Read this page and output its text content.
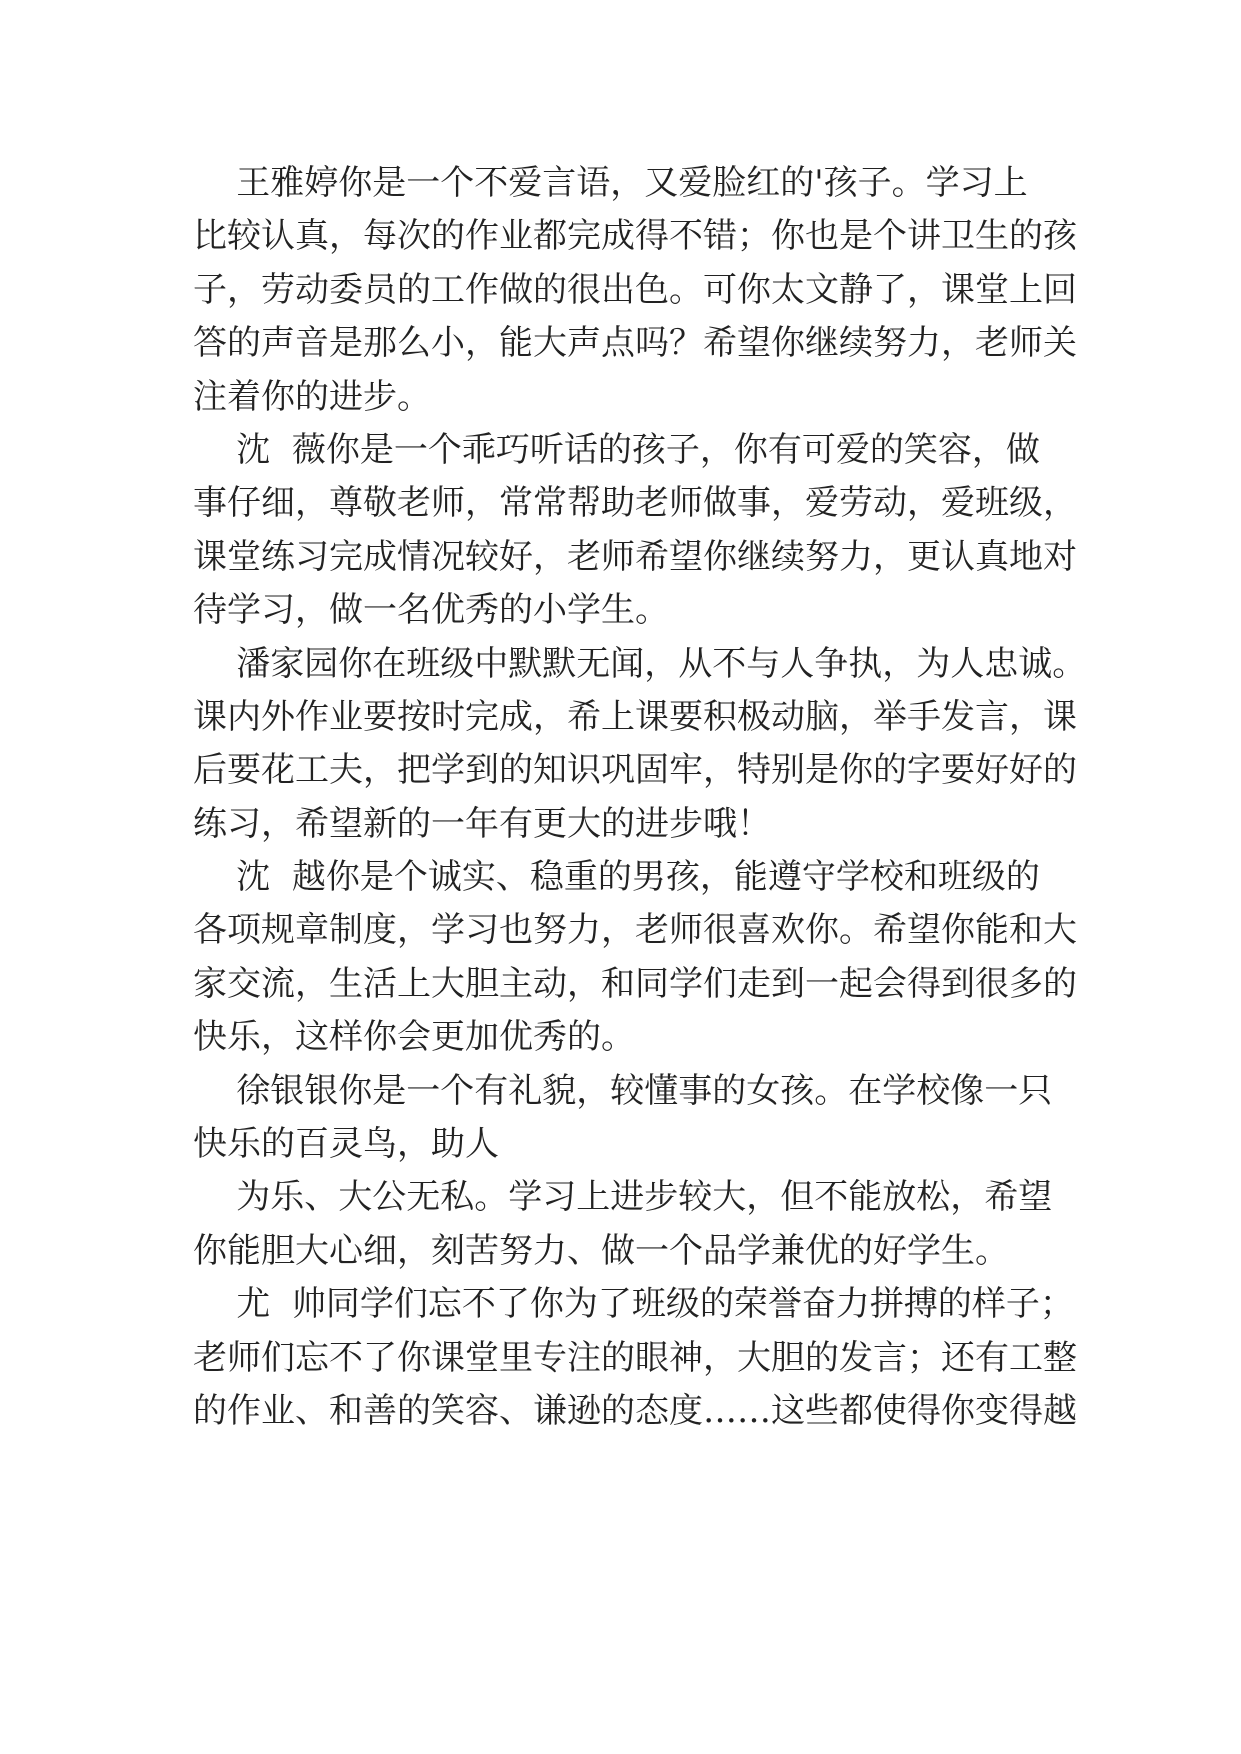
王雅婷你是一个不爱言语，又爱脸红的'孩子。学习上
比较认真，每次的作业都完成得不错；你也是个讲卫生的孩
子，劳动委员的工作做的很出色。可你太文静了，课堂上回
答的声音是那么小，能大声点吗？希望你继续努力，老师关
注着你的进步。
沈  薇你是一个乖巧听话的孩子，你有可爱的笑容，做
事仔细，尊敬老师，常常帮助老师做事，爱劳动，爱班级，
课堂练习完成情况较好，老师希望你继续努力，更认真地对
待学习，做一名优秀的小学生。
潘家园你在班级中默默无闻，从不与人争执，为人忠诚。
课内外作业要按时完成，希上课要积极动脑，举手发言，课
后要花工夫，把学到的知识巩固牢，特别是你的字要好好的
练习，希望新的一年有更大的进步哦！
沈  越你是个诚实、稳重的男孩，能遵守学校和班级的
各项规章制度，学习也努力，老师很喜欢你。希望你能和大
家交流，生活上大胆主动，和同学们走到一起会得到很多的
快乐，这样你会更加优秀的。
徐银银你是一个有礼貌，较懂事的女孩。在学校像一只
快乐的百灵鸟，助人
为乐、大公无私。学习上进步较大，但不能放松，希望
你能胆大心细，刻苦努力、做一个品学兼优的好学生。
尤  帅同学们忘不了你为了班级的荣誉奋力拼搏的样子；
老师们忘不了你课堂里专注的眼神，大胆的发言；还有工整
的作业、和善的笑容、谦逊的态度……这些都使得你变得越
